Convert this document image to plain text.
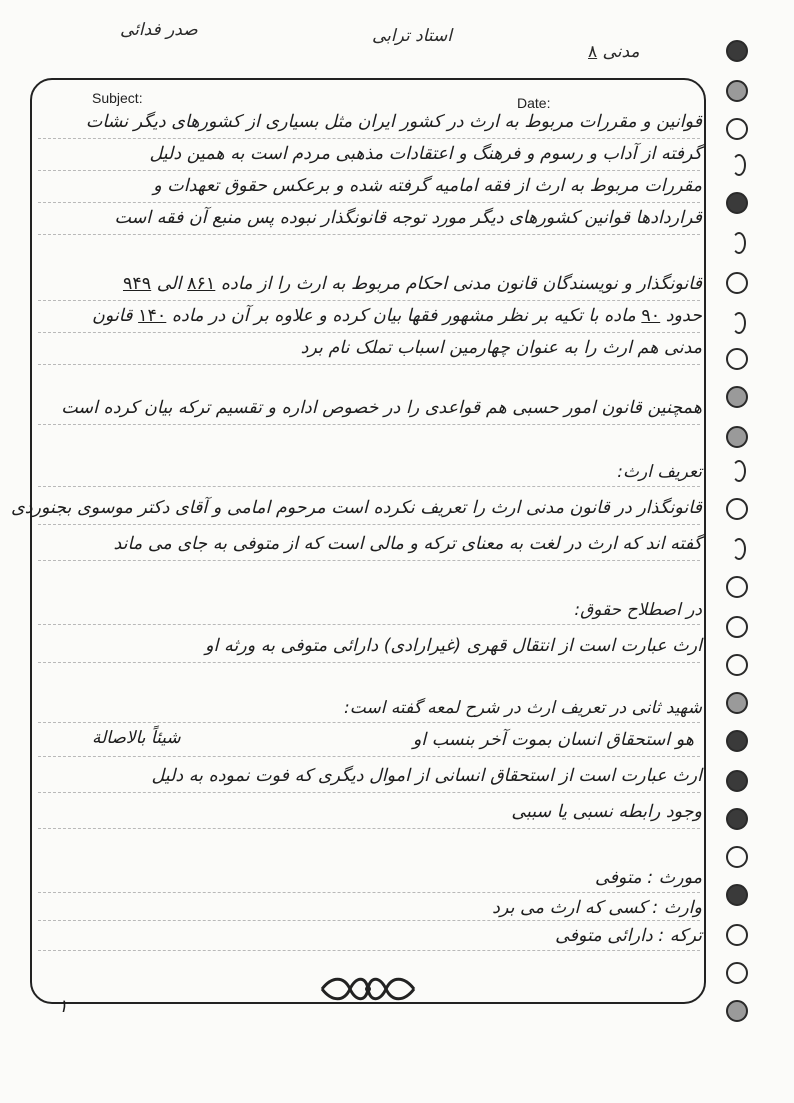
صدر فدائی	استاد ترابی
مدنی ۸
Subject:	Date:
قوانین و مقررات مربوط به ارث در کشور ایران مثل بسیاری از کشورهای دیگر نشات
گرفته از آداب و رسوم و فرهنگ و اعتقادات مذهبی مردم است به همین دلیل
مقررات مربوط به ارث از فقه امامیه گرفته شده و برعکس حقوق تعهدات و
قراردادها قوانین کشورهای دیگر مورد توجه قانونگذار نبوده پس منبع آن فقه است
قانونگذار و نویسندگان قانون مدنی احکام مربوط به ارث را از ماده ۸۶۱ الی ۹۴۹
حدود ۹۰ ماده با تکیه بر نظر مشهور فقها بیان کرده و علاوه بر آن در ماده ۱۴۰ قانون
مدنی هم ارث را به عنوان چهارمین اسباب تملک نام برد
همچنین قانون امور حسبی هم قواعدی را در خصوص اداره و تقسیم ترکه بیان کرده است
تعریف ارث:
قانونگذار در قانون مدنی ارث را تعریف نکرده است مرحوم امامی و آقای دکتر موسوی بجنوردی
گفته اند که ارث در لغت به معنای ترکه و مالی است که از متوفی به جای می ماند
در اصطلاح حقوق:
ارث عبارت است از انتقال قهری (غیرارادی) دارائی متوفی به ورثه او
شهید ثانی در تعریف ارث در شرح لمعه گفته است:
هو استحقاق انسان بموت آخر بنسب او
شیئاً بالاصالة
ارث عبارت است از استحقاق انسانی از اموال دیگری که فوت نموده به دلیل
وجود رابطه نسبی یا سببی
مورث : متوفی
وارث : کسی که ارث می برد
ترکه : دارائی متوفی
۱
